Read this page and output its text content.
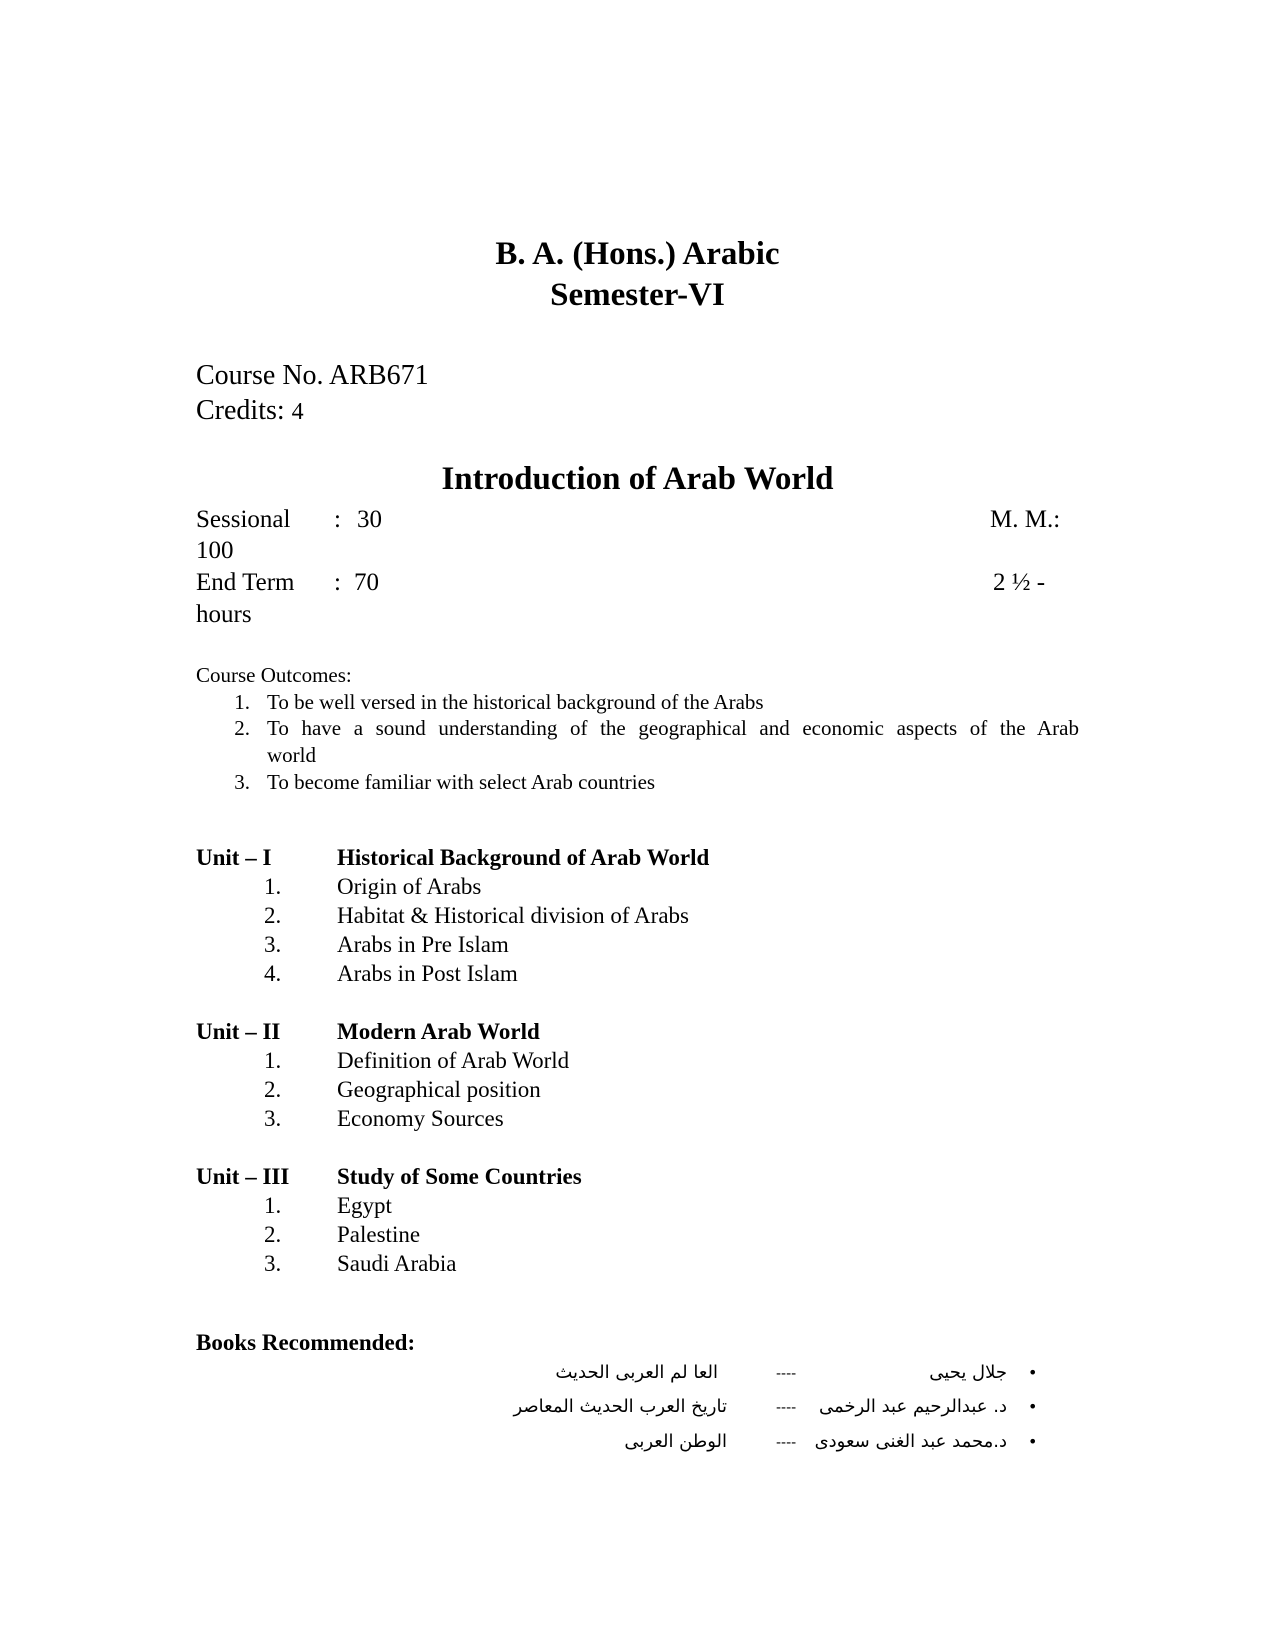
B. A. (Hons.) Arabic
Semester-VI
Course No. ARB671
Credits: 4
Introduction of Arab World
Sessional : 30	M. M.:
100
End Term : 70	2 ½ -
hours
Course Outcomes:
1. To be well versed in the historical background of the Arabs
2. To have a sound understanding of the geographical and economic aspects of the Arab
world
3. To become familiar with select Arab countries
Unit – I	Historical Background of Arab World
1. Origin of Arabs
2. Habitat & Historical division of Arabs
3. Arabs in Pre Islam
4. Arabs in Post Islam
Unit – II Modern Arab World
1. Definition of Arab World
2. Geographical position
3. Economy Sources
Unit – III Study of Some Countries
1. Egypt
2. Palestine
3. Saudi Arabia
Books Recommended:
•
جلال یحیی
----
العا لم العربی الحدیث
•
د. عبدالرحیم عبد الرخمی
----
تاریخ العرب الحدیث المعاصر
•
د.محمد عبد الغنی سعودی
----
الوطن العربی
